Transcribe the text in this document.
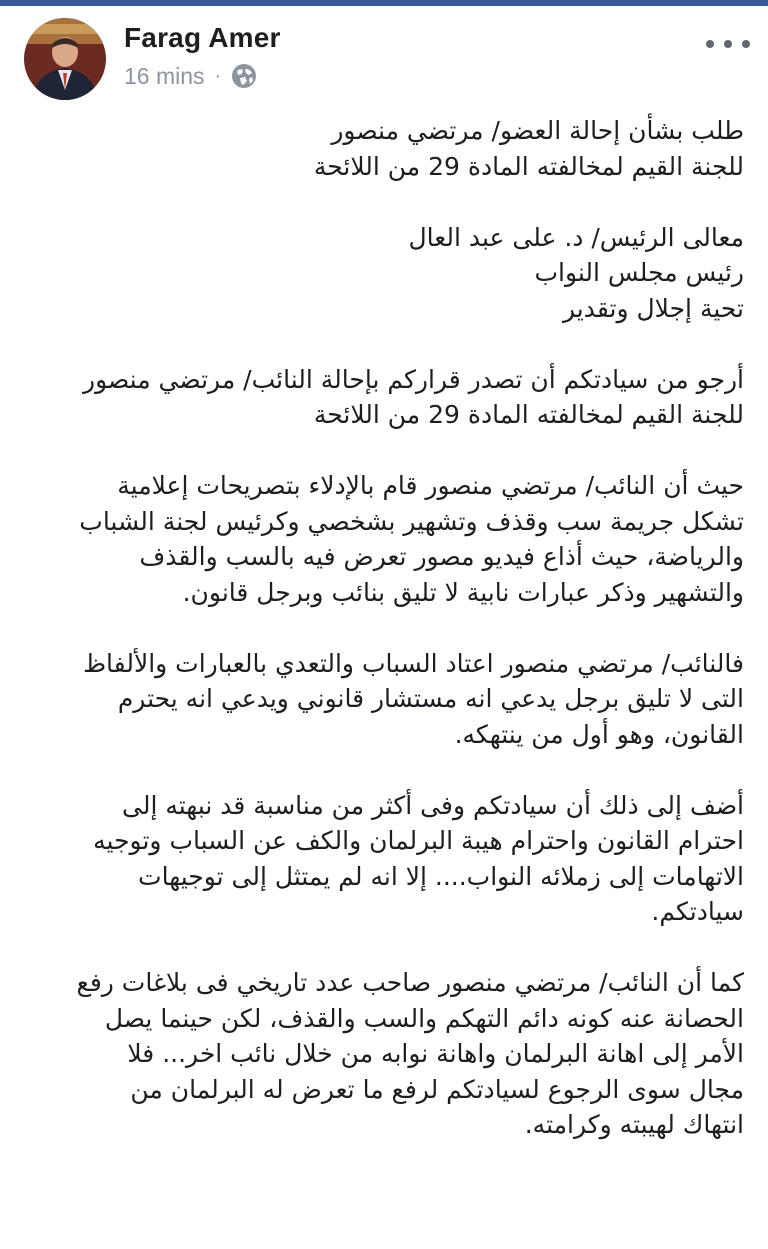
Farag Amer
16 mins ·

طلب بشأن إحالة العضو/ مرتضي منصور
للجنة القيم لمخالفته المادة 29 من اللائحة

معالى الرئيس/ د. على عبد العال
رئيس مجلس النواب
تحية إجلال وتقدير

أرجو من سيادتكم أن تصدر قراركم بإحالة النائب/ مرتضي منصور
للجنة القيم لمخالفته المادة 29 من اللائحة

حيث أن النائب/ مرتضي منصور قام بالإدلاء بتصريحات إعلامية
تشكل جريمة سب وقذف وتشهير بشخصي وكرئيس لجنة الشباب
والرياضة، حيث أذاع فيديو مصور تعرض فيه بالسب والقذف
والتشهير وذكر عبارات نابية لا تليق بنائب وبرجل قانون.

فالنائب/ مرتضي منصور اعتاد السباب والتعدي بالعبارات والألفاظ
التى لا تليق برجل يدعي انه مستشار قانوني ويدعي انه يحترم
القانون، وهو أول من ينتهكه.

أضف إلى ذلك أن سيادتكم وفى أكثر من مناسبة قد نبهته إلى
احترام القانون واحترام هيبة البرلمان والكف عن السباب وتوجيه
الاتهامات إلى زملائه النواب.... إلا انه لم يمتثل إلى توجيهات
سيادتكم.

كما أن النائب/ مرتضي منصور صاحب عدد تاريخي فى بلاغات رفع
الحصانة عنه كونه دائم التهكم والسب والقذف، لكن حينما يصل
الأمر إلى اهانة البرلمان واهانة نوابه من خلال نائب اخر... فلا
مجال سوى الرجوع لسيادتكم لرفع ما تعرض له البرلمان من
انتهاك لهيبته وكرامته.
